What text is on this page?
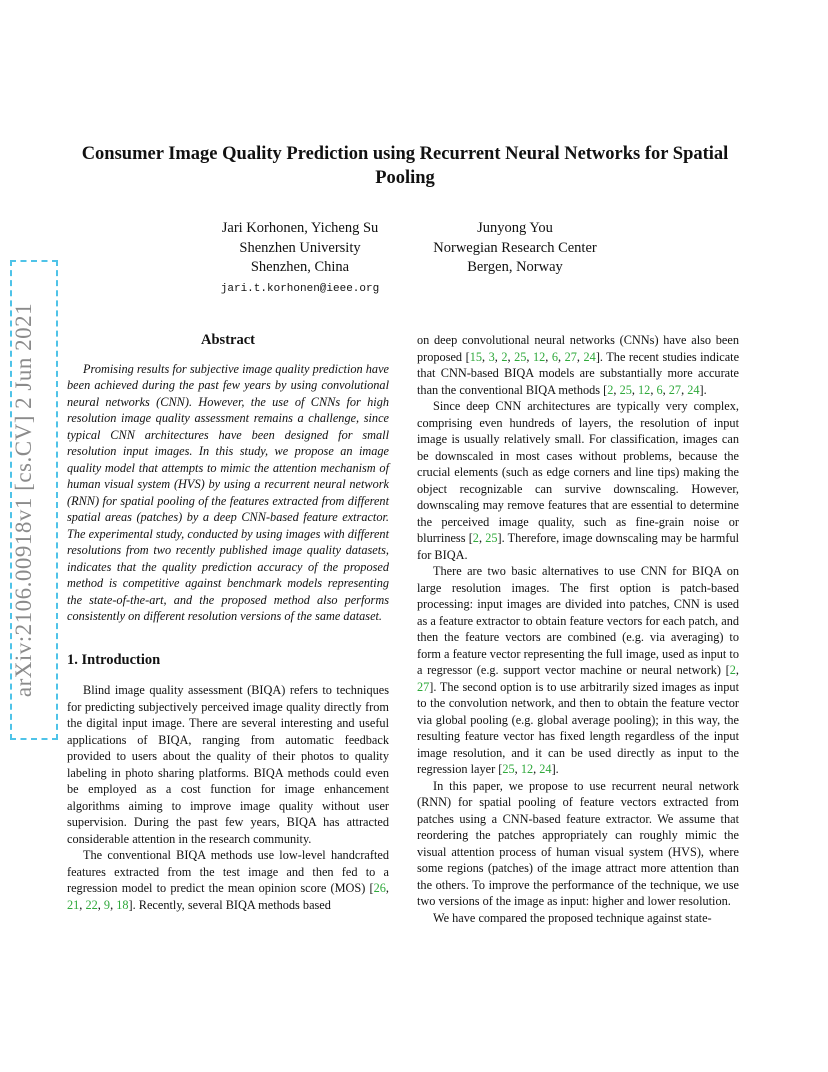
arXiv:2106.00918v1 [cs.CV] 2 Jun 2021
Consumer Image Quality Prediction using Recurrent Neural Networks for Spatial Pooling
Jari Korhonen, Yicheng Su
Shenzhen University
Shenzhen, China
jari.t.korhonen@ieee.org
Junyong You
Norwegian Research Center
Bergen, Norway
Abstract

Promising results for subjective image quality prediction have been achieved during the past few years by using convolutional neural networks (CNN). However, the use of CNNs for high resolution image quality assessment remains a challenge, since typical CNN architectures have been designed for small resolution input images. In this study, we propose an image quality model that attempts to mimic the attention mechanism of human visual system (HVS) by using a recurrent neural network (RNN) for spatial pooling of the features extracted from different spatial areas (patches) by a deep CNN-based feature extractor. The experimental study, conducted by using images with different resolutions from two recently published image quality datasets, indicates that the quality prediction accuracy of the proposed method is competitive against benchmark models representing the state-of-the-art, and the proposed method also performs consistently on different resolution versions of the same dataset.

1. Introduction

Blind image quality assessment (BIQA) refers to techniques for predicting subjectively perceived image quality directly from the digital input image. There are several interesting and useful applications of BIQA, ranging from automatic feedback provided to users about the quality of their photos to quality labeling in photo sharing platforms. BIQA methods could even be employed as a cost function for image enhancement algorithms aiming to improve image quality without user supervision. During the past few years, BIQA has attracted considerable attention in the research community.

The conventional BIQA methods use low-level handcrafted features extracted from the test image and then fed to a regression model to predict the mean opinion score (MOS) [26, 21, 22, 9, 18]. Recently, several BIQA methods based

on deep convolutional neural networks (CNNs) have also been proposed [15, 3, 2, 25, 12, 6, 27, 24]. The recent studies indicate that CNN-based BIQA models are substantially more accurate than the conventional BIQA methods [2, 25, 12, 6, 27, 24].

Since deep CNN architectures are typically very complex, comprising even hundreds of layers, the resolution of input image is usually relatively small. For classification, images can be downscaled in most cases without problems, because the crucial elements (such as edge corners and line tips) making the object recognizable can survive downscaling. However, downscaling may remove features that are essential to determine the perceived image quality, such as fine-grain noise or blurriness [2, 25]. Therefore, image downscaling may be harmful for BIQA.

There are two basic alternatives to use CNN for BIQA on large resolution images. The first option is patch-based processing: input images are divided into patches, CNN is used as a feature extractor to obtain feature vectors for each patch, and then the feature vectors are combined (e.g. via averaging) to form a feature vector representing the full image, used as input to a regressor (e.g. support vector machine or neural network) [2, 27]. The second option is to use arbitrarily sized images as input to the convolution network, and then to obtain the feature vector via global pooling (e.g. global average pooling); in this way, the resulting feature vector has fixed length regardless of the input image resolution, and it can be used directly as input to the regression layer [25, 12, 24].

In this paper, we propose to use recurrent neural network (RNN) for spatial pooling of feature vectors extracted from patches using a CNN-based feature extractor. We assume that reordering the patches appropriately can roughly mimic the visual attention process of human visual system (HVS), where some regions (patches) of the image attract more attention than the others. To improve the performance of the technique, we use two versions of the image as input: higher and lower resolution.

We have compared the proposed technique against state-
